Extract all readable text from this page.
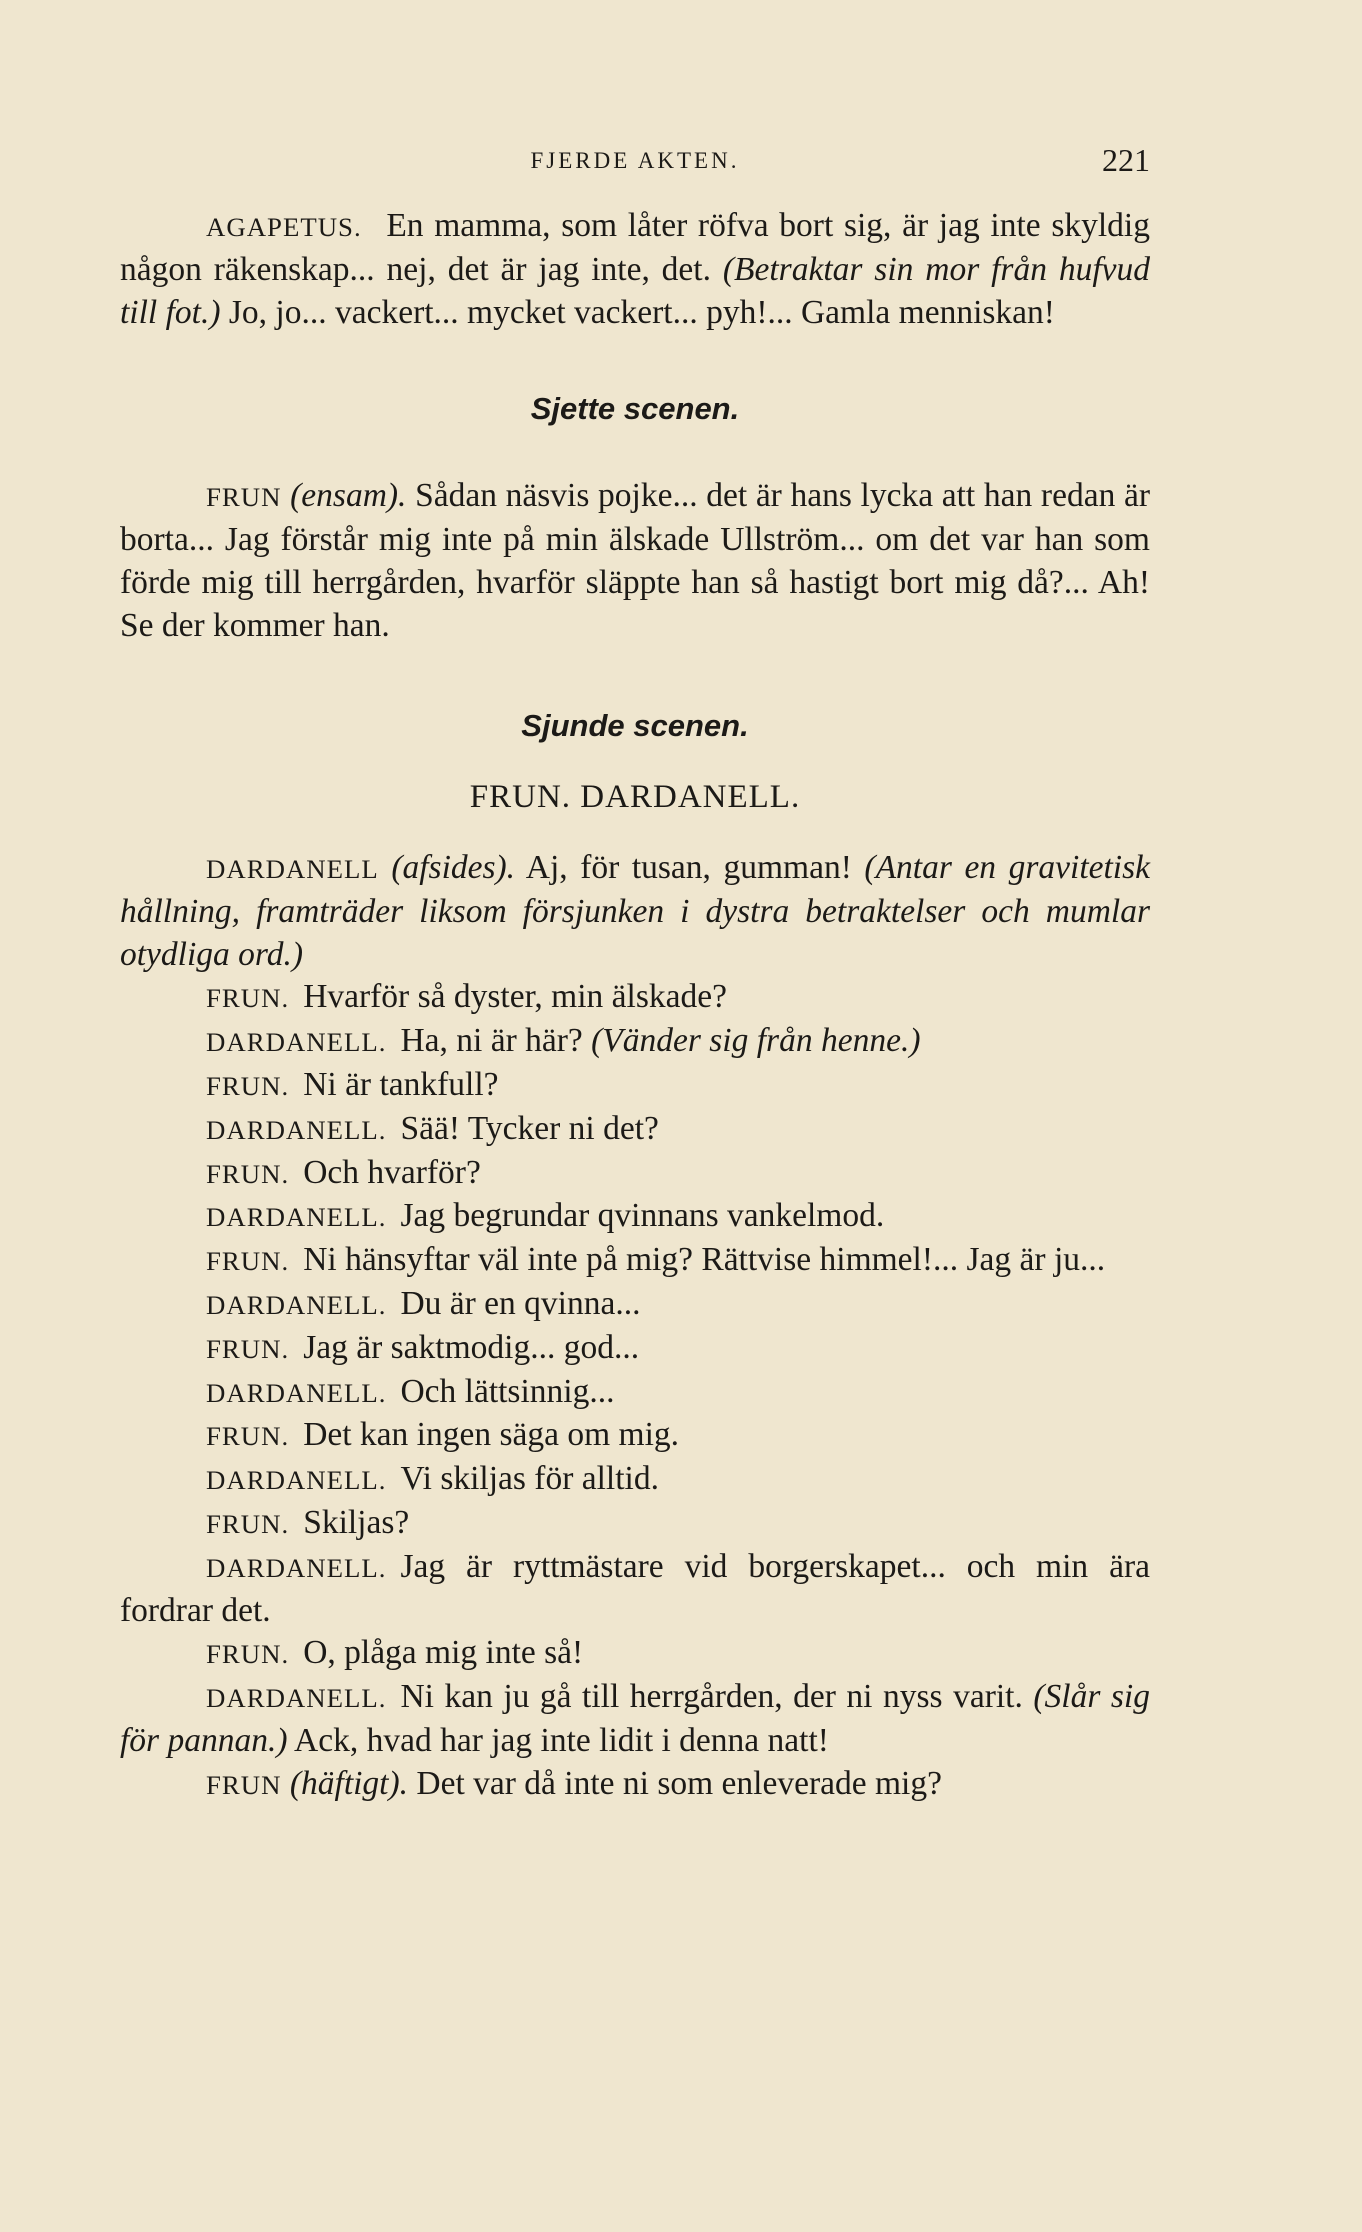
FJERDE AKTEN.	221

AGAPETUS. En mamma, som låter röfva bort sig, är jag inte skyldig någon räkenskap... nej, det är jag inte, det. (Betraktar sin mor från hufvud till fot.) Jo, jo... vackert... mycket vackert... pyh!... Gamla menniskan!

Sjette scenen.

FRUN (ensam). Sådan näsvis pojke... det är hans lycka att han redan är borta... Jag förstår mig inte på min älskade Ullström... om det var han som förde mig till herrgården, hvarför släppte han så hastigt bort mig då?... Ah! Se der kommer han.

Sjunde scenen.

FRUN. DARDANELL.

DARDANELL (afsides). Aj, för tusan, gumman! (Antar en gravitetisk hållning, framträder liksom försjunken i dystra betraktelser och mumlar otydliga ord.)

FRUN. Hvarför så dyster, min älskade?

DARDANELL. Ha, ni är här? (Vänder sig från henne.)

FRUN. Ni är tankfull?

DARDANELL. Sää! Tycker ni det?

FRUN. Och hvarför?

DARDANELL. Jag begrundar qvinnans vankelmod.

FRUN. Ni hänsyftar väl inte på mig? Rättvise himmel!... Jag är ju...

DARDANELL. Du är en qvinna...

FRUN. Jag är saktmodig... god...

DARDANELL. Och lättsinnig...

FRUN. Det kan ingen säga om mig.

DARDANELL. Vi skiljas för alltid.

FRUN. Skiljas?

DARDANELL. Jag är ryttmästare vid borgerskapet... och min ära fordrar det.

FRUN. O, plåga mig inte så!

DARDANELL. Ni kan ju gå till herrgården, der ni nyss varit. (Slår sig för pannan.) Ack, hvad har jag inte lidit i denna natt!

FRUN (häftigt). Det var då inte ni som enleverade mig?
